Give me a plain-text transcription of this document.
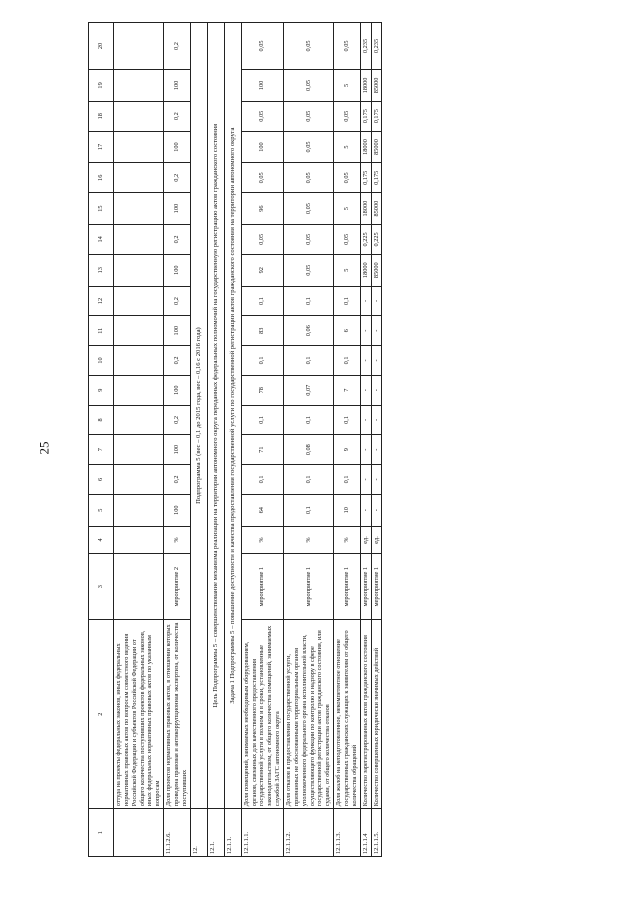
25
1	2	3	4	5	6	7	8	9	10	11	12	13	14	15	16	17	18	19	20
	оттуда на проекты федеральных законов, иных федеральных нормативных правовых актов по вопросам совместного ведения Российской Федерации и субъектов Российской Федерации от общего количества поступивших проектов федеральных законов, иных федеральных нормативных правовых актов по указанным вопросам																		
11.1.2.6.	Доля проектов нормативных правовых актов, в отношении которых проведена правовая и антикоррупционная экспертиза, от количества поступивших	мероприятие 2	%	100	0,2	100	0,2	100	0,2	100	0,2	100	0,2	100	0,2	100	0,2	100	0,2
12.	Подпрограмма 5 (вес – 0,1 до 2015 года, вес – 0,16 с 2016 года)																		
12.1.	Цель Подпрограммы 5 – совершенствование механизма реализации на территории автономного округа переданных федеральных полномочий на государственную регистрацию актов гражданского состояния																		
12.1.1.	Задача 1 Подпрограммы 5 – повышение доступности и качества предоставления государственной услуги по государственной регистрации актов гражданского состояния на территории автономного округа																		
12.1.1.1.	Доля помещений, занимаемых необходимым оборудованием, органов, связанных для качественного предоставления государственной услуги в полном и в сроки, установленные законодательством, от общего количества помещений, занимаемых службой ЗАГС автономного округа	мероприятие 1	%	64	0,1	71	0,1	78	0,1	83	0,1	92	0,05	96	0,05	100	0,05	100	0,05
12.1.1.2.	Доля отказов в предоставлении государственной услуги, признанных не обоснованными территориальным органом уполномоченного федерального органа исполнительной власти, осуществляющего функции по контролю и надзору в сфере государственной регистрации актов гражданского состояния, или судами, от общего количества отказов	мероприятие 1	%	0,1	0,1	0,08	0,1	0,07	0,1	0,06	0,1	0,05	0,05	0,05	0,05	0,05	0,05	0,05	0,05
12.1.1.3.	Доля жалоб на неподготовленное, некомпетентное отношение государственных гражданских служащих к заявителям от общего количества обращений	мероприятие 1	%	10	0,1	9	0,1	7	0,1	6	0,1	5	0,05	5	0,05	5	0,05	5	0,05
12.1.1.4	Количество зарегистрированных актов гражданского состояния	мероприятие 1	ед.	-	-	-	-	-	-	-	-	18000	0,225	18000	0,175	18000	0,175	18000	0,235
12.1.1.5.	Количество совершенных юридически значимых действий	мероприятие 1	ед.	-	-	-	-	-	-	-	-	85000	0,225	85000	0,175	85000	0,175	85000	0,235
